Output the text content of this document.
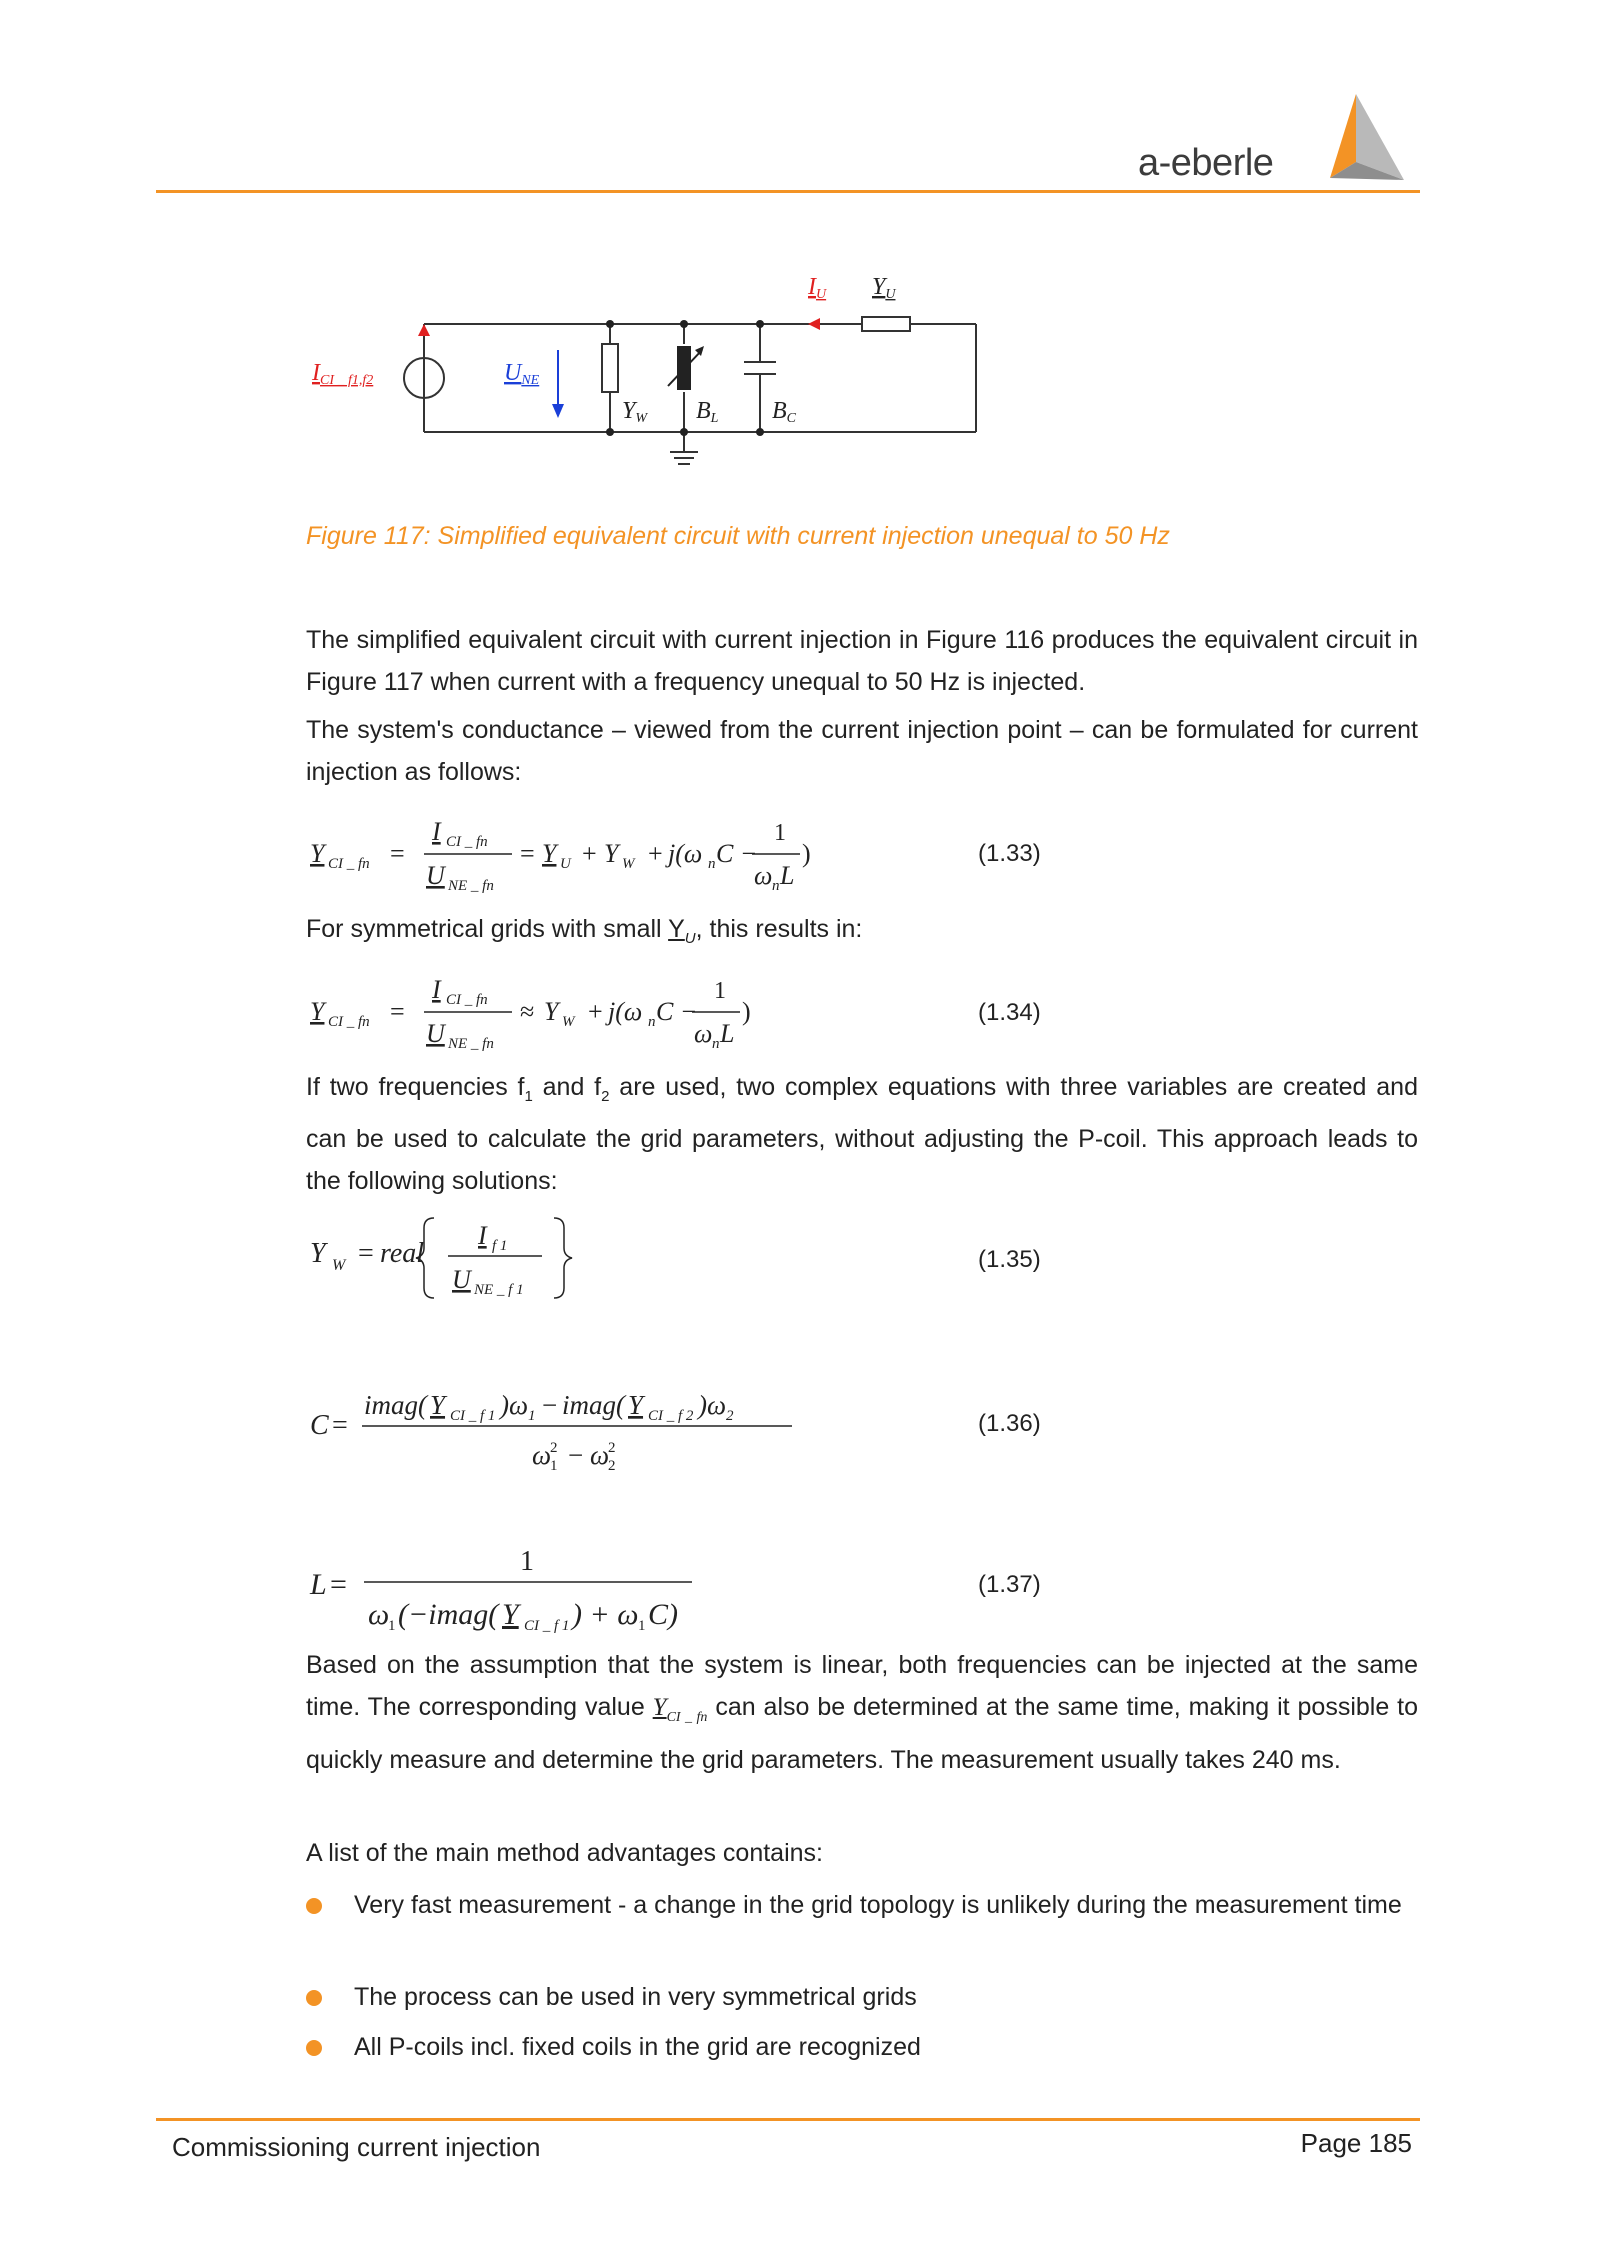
a-eberle
ICI _ f1,f2	UNE
YW BL BC
IU YU
Figure 117: Simplified equivalent circuit with current injection unequal to 50 Hz
The simplified equivalent circuit with current injection in Figure 116 produces the equivalent circuit in Figure 117 when current with a frequency unequal to 50 Hz is injected.
The system's conductance – viewed from the current injection point – can be formulated for current injection as follows:
Y CI _ fn =
I CI _ fn
U NE _ fn
= Y U + Y W + j(ω n C −
1
ω n L
)	(1.33)
For symmetrical grids with small $Y_U$, this results in:
Y CI _ fn =
I CI _ fn
U NE _ fn
≈ Y W + j(ω n C −
1
ω n L
)	(1.34)
If two frequencies $f_1$ and $f_2$ are used, two complex equations with three variables are created and can be used to calculate the grid parameters, without adjusting the P-coil. This approach leads to the following solutions:
Y W = real
I f 1
U NE _ f 1
(1.35)
C =
imag( Y CI _ f 1 )ω 1 − imag( Y CI _ f 2 )ω 2
ω
2
1 − ω
2
2
(1.36)
L =
1
ω
1 (−imag( Y CI _ f 1 ) + ω 1 C)
(1.37)
Based on the assumption that the system is linear, both frequencies can be injected at the same time. The corresponding value $Y_{CI \_ fn}$ can also be determined at the same time, making it possible to quickly measure and determine the grid parameters. The measurement usually takes 240 ms.
A list of the main method advantages contains:
Very fast measurement - a change in the grid topology is unlikely during the measurement time
The process can be used in very symmetrical grids
All P-coils incl. fixed coils in the grid are recognized
Commissioning current injection	Page 185
